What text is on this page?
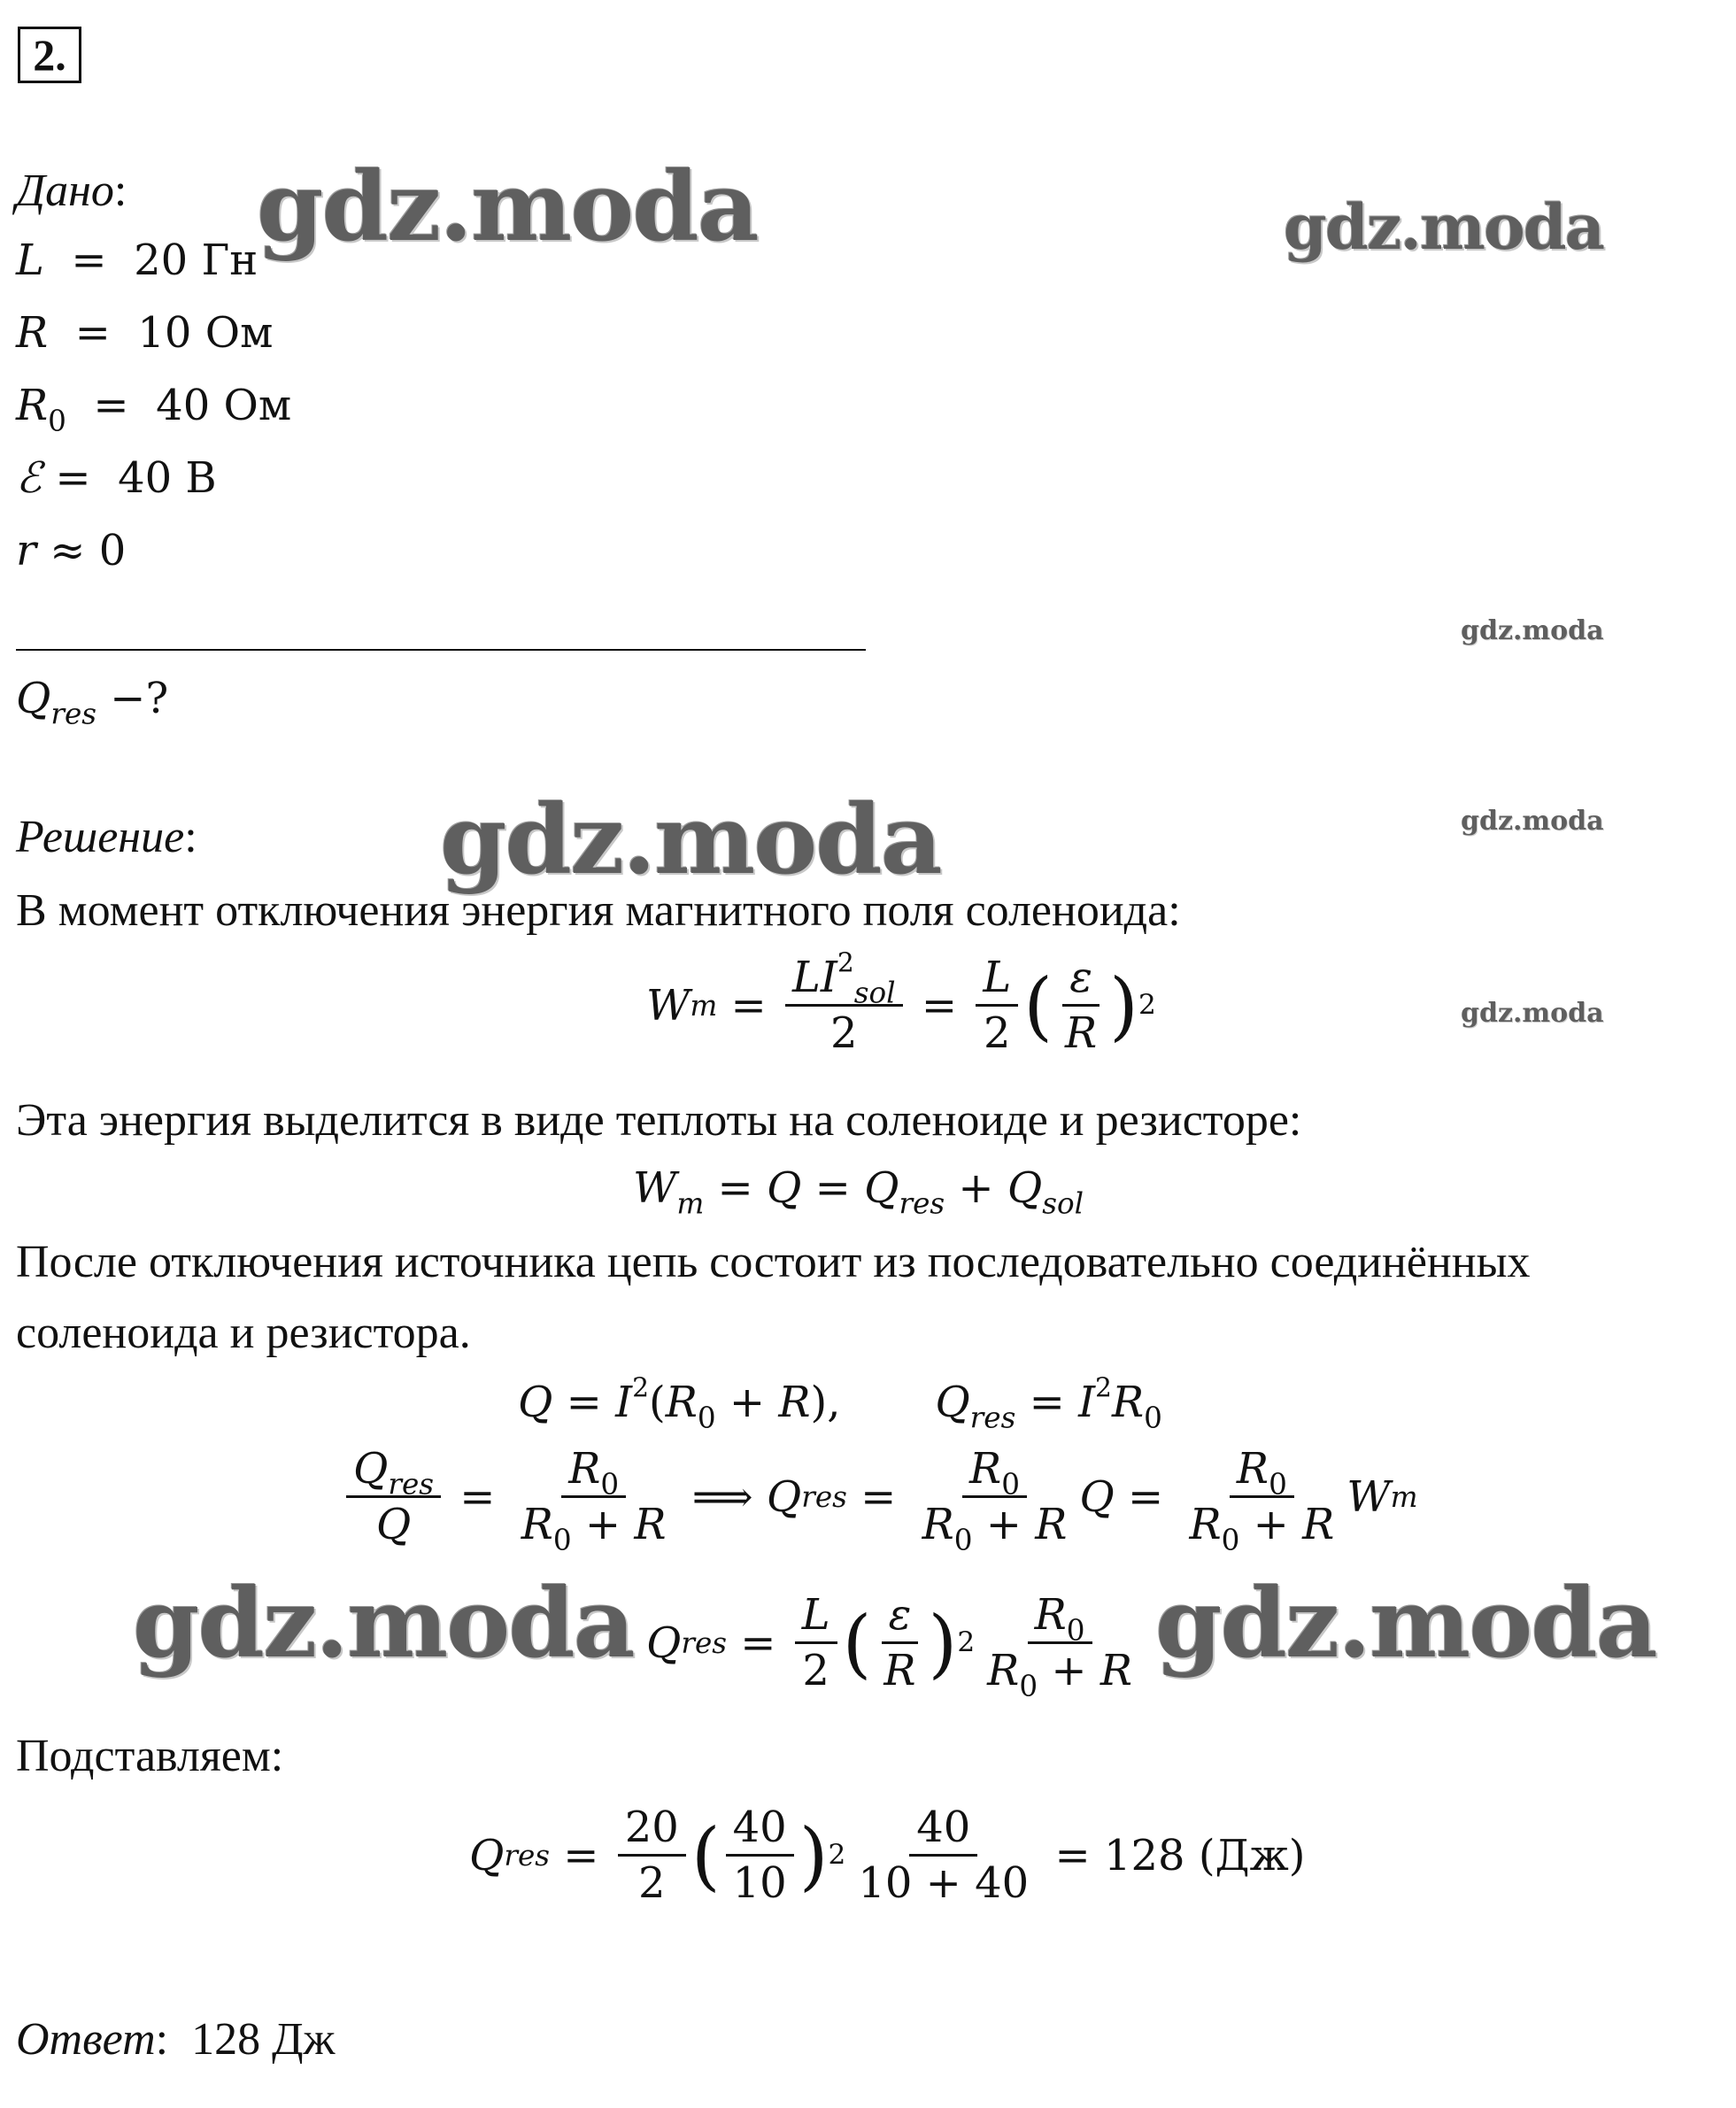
2.
gdz.moda	gdz.moda
gdz.moda
gdz.moda	gdz.moda
gdz.moda
gdz.moda	gdz.moda
Дано:
L = 20 Гн
R = 10 Ом
$R_0 = 40$ Ом
ℰ = 40 В
r ≈ 0
$Q_{res}$ −?
Решение:
В момент отключения энергия магнитного поля соленоида:
W $m = \frac{LI^2_{sol}}{2} = \frac{L}{2}$ ( $\frac{\varepsilon}{R}$ ) 2
Эта энергия выделится в виде теплоты на соленоиде и резисторе:
$W_m = Q = Q_{res} + Q_{sol}$
После отключения источника цепь состоит из последовательно соединённых
соленоида и резистора.
$Q = I^2(R_0 + R)$,       $Q_{res} = I^2R_0$
$\frac{Q_{res}}{Q} = \frac{R_0}{R_0 + R}$ ⟹ Q res = $\frac{R_0}{R_0 + R}$ $Q = \frac{R_0}{R_0 + R}$ W m
Q res = $\frac{L}{2}$ ( $\frac{\varepsilon}{R}$ ) $2 \frac{R_0}{R_0 + R}$
Подставляем:
Q res = $\frac{20}{2}$ ( $\frac{40}{10}$ ) $2 \frac{40}{10 + 40}$
= 128 (Дж)
Ответ: 128 Дж
